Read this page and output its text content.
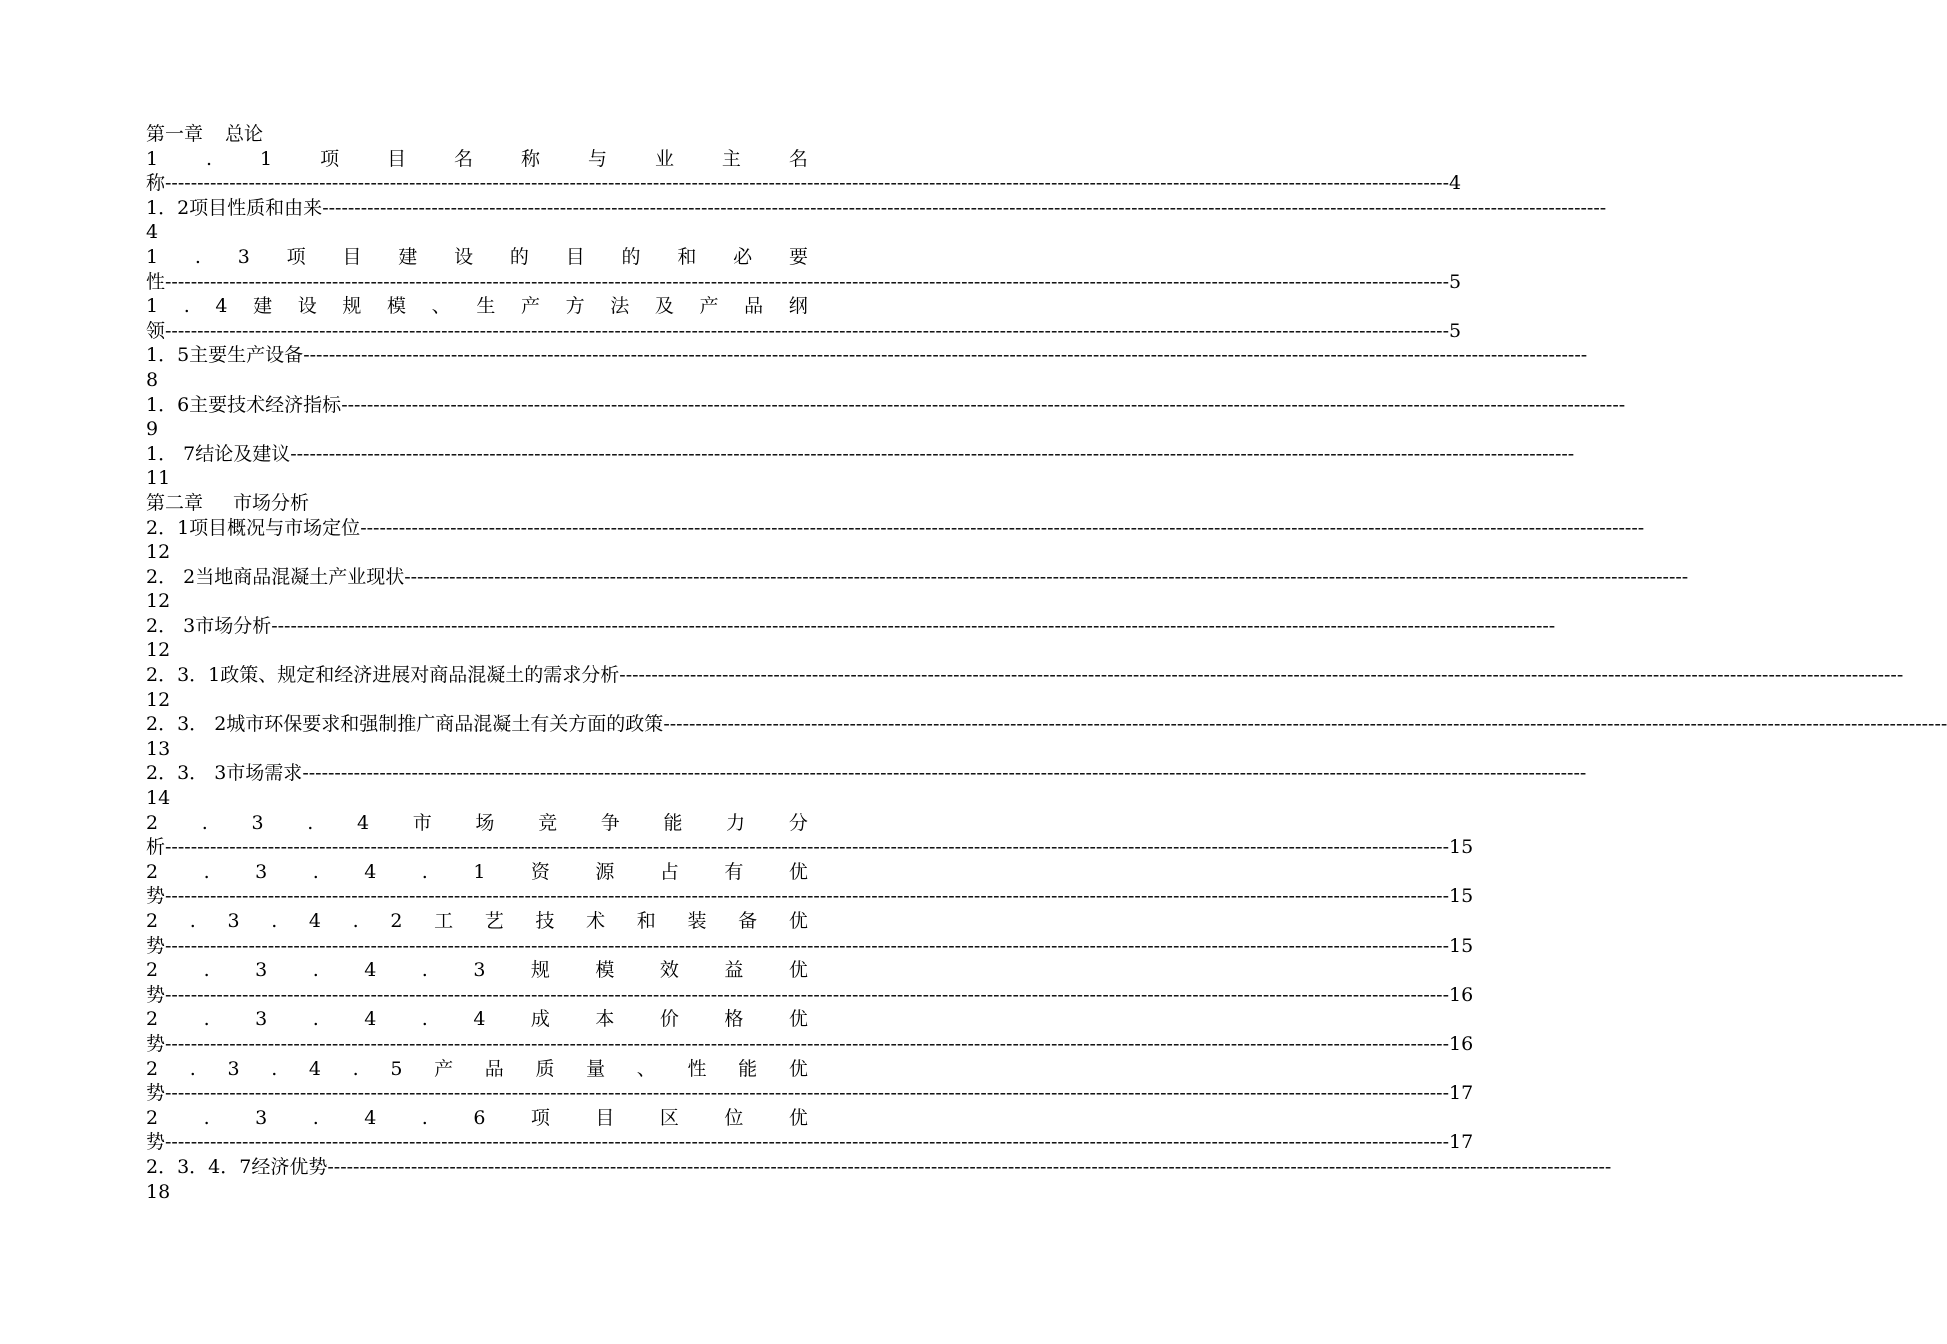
第一章 总论
1	.	1	项	目	名	称	与	业	主	名
称 -------------------------------------------------------------------------------------------------------------------------------------------------------------------------------------------------------- 4
1．2项目性质和由来 --------------------------------------------------------------------------------------------------------------------------------------------------------------------------------------------------------
4
1 . 3 项 目 建 设 的 目 的 和 必 要
性 -------------------------------------------------------------------------------------------------------------------------------------------------------------------------------------------------------- 5
1 . 4 建 设 规 模 、 生 产 方 法 及 产 品 纲
领 -------------------------------------------------------------------------------------------------------------------------------------------------------------------------------------------------------- 5
1．5主要生产设备 --------------------------------------------------------------------------------------------------------------------------------------------------------------------------------------------------------
8
1．6主要技术经济指标 --------------------------------------------------------------------------------------------------------------------------------------------------------------------------------------------------------
9
1． 7结论及建议 --------------------------------------------------------------------------------------------------------------------------------------------------------------------------------------------------------
11
第二章 市场分析
2．1项目概况与市场定位 --------------------------------------------------------------------------------------------------------------------------------------------------------------------------------------------------------
12
2． 2当地商品混凝土产业现状 --------------------------------------------------------------------------------------------------------------------------------------------------------------------------------------------------------
12
2． 3市场分析 --------------------------------------------------------------------------------------------------------------------------------------------------------------------------------------------------------
12
2．3．1政策、规定和经济进展对商品混凝土的需求分析 --------------------------------------------------------------------------------------------------------------------------------------------------------------------------------------------------------
12
2．3． 2城市环保要求和强制推广商品混凝土有关方面的政策 --------------------------------------------------------------------------------------------------------------------------------------------------------------------------------------------------------
13
2．3． 3市场需求 --------------------------------------------------------------------------------------------------------------------------------------------------------------------------------------------------------
14
2 . 3 . 4 市 场 竞 争 能 力 分
析 -------------------------------------------------------------------------------------------------------------------------------------------------------------------------------------------------------- 15
2 . 3 . 4 . 1 资 源 占 有 优
势 -------------------------------------------------------------------------------------------------------------------------------------------------------------------------------------------------------- 15
2 . 3 . 4 . 2 工 艺 技 术 和 装 备 优
势 -------------------------------------------------------------------------------------------------------------------------------------------------------------------------------------------------------- 15
2 . 3 . 4 . 3 规 模 效 益 优
势 -------------------------------------------------------------------------------------------------------------------------------------------------------------------------------------------------------- 16
2 . 3 . 4 . 4 成 本 价 格 优
势 -------------------------------------------------------------------------------------------------------------------------------------------------------------------------------------------------------- 16
2 . 3 . 4 . 5 产 品 质 量 、 性 能 优
势 -------------------------------------------------------------------------------------------------------------------------------------------------------------------------------------------------------- 17
2 . 3 . 4 . 6 项 目 区 位 优
势 -------------------------------------------------------------------------------------------------------------------------------------------------------------------------------------------------------- 17
2．3．4．7经济优势 --------------------------------------------------------------------------------------------------------------------------------------------------------------------------------------------------------
18
